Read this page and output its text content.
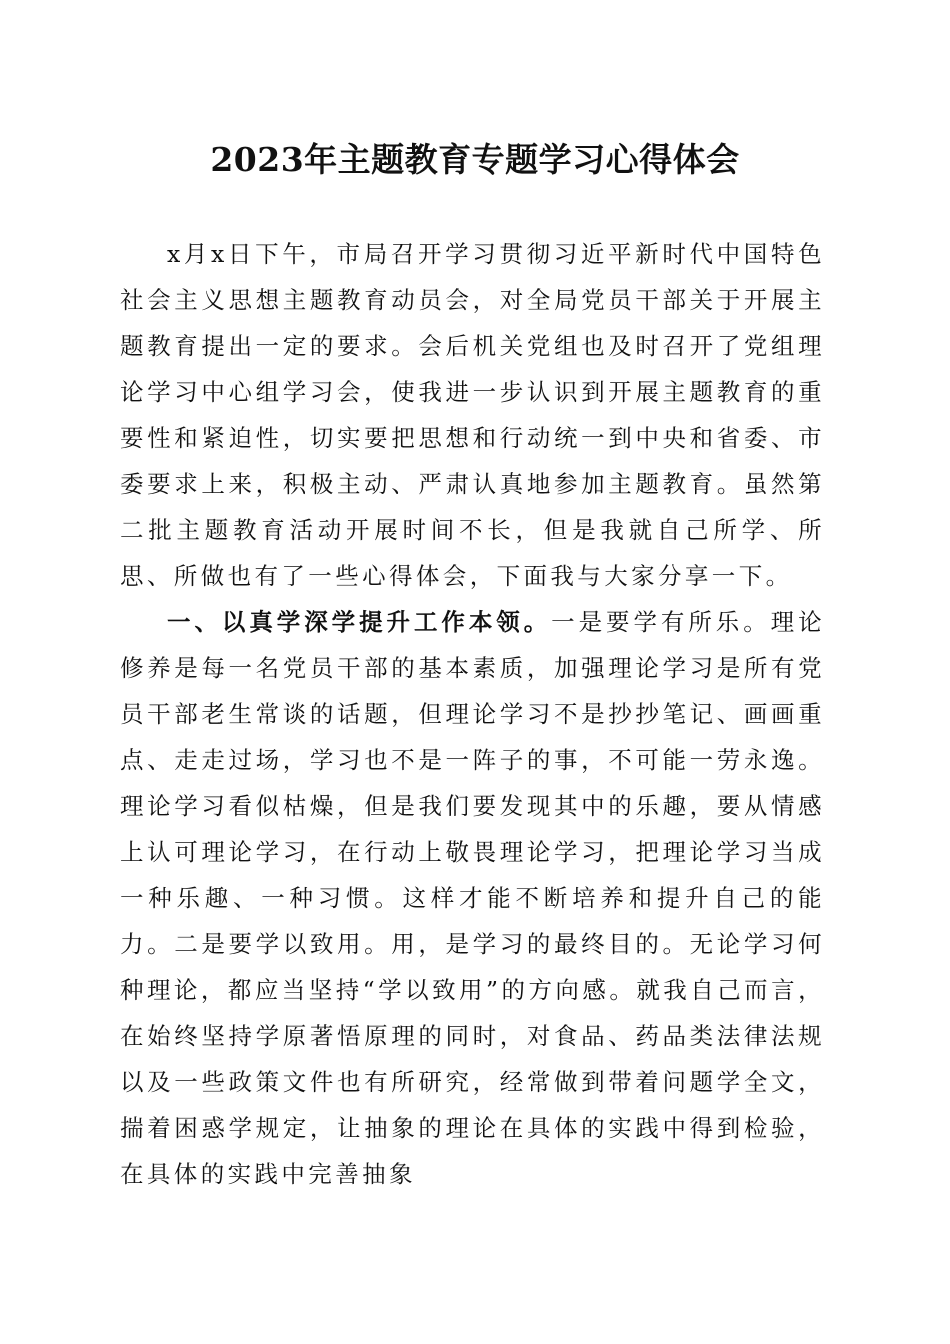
2023年主题教育专题学习心得体会

x月x日下午，市局召开学习贯彻习近平新时代中国特色社会主义思想主题教育动员会，对全局党员干部关于开展主题教育提出一定的要求。会后机关党组也及时召开了党组理论学习中心组学习会，使我进一步认识到开展主题教育的重要性和紧迫性，切实要把思想和行动统一到中央和省委、市委要求上来，积极主动、严肃认真地参加主题教育。虽然第二批主题教育活动开展时间不长，但是我就自己所学、所思、所做也有了一些心得体会，下面我与大家分享一下。

一、以真学深学提升工作本领。一是要学有所乐。理论修养是每一名党员干部的基本素质，加强理论学习是所有党员干部老生常谈的话题，但理论学习不是抄抄笔记、画画重点、走走过场，学习也不是一阵子的事，不可能一劳永逸。理论学习看似枯燥，但是我们要发现其中的乐趣，要从情感上认可理论学习，在行动上敬畏理论学习，把理论学习当成一种乐趣、一种习惯。这样才能不断培养和提升自己的能力。二是要学以致用。用，是学习的最终目的。无论学习何种理论，都应当坚持“学以致用”的方向感。就我自己而言，在始终坚持学原著悟原理的同时，对食品、药品类法律法规以及一些政策文件也有所研究，经常做到带着问题学全文，揣着困惑学规定，让抽象的理论在具体的实践中得到检验，在具体的实践中完善抽象
